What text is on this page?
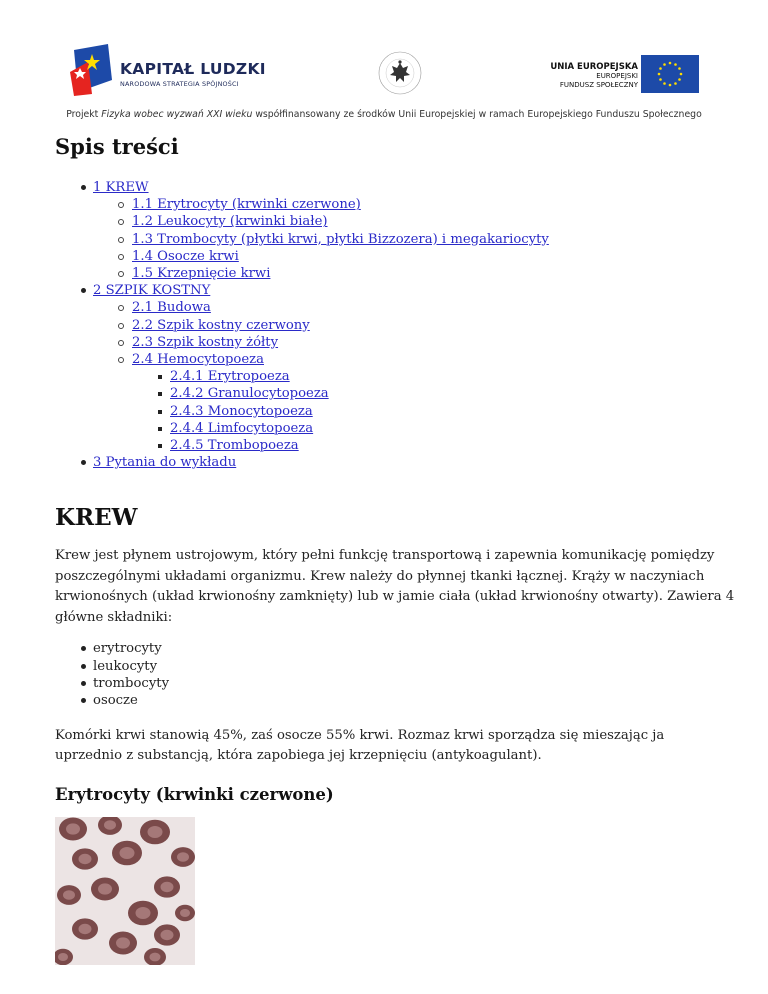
KAPITAŁ LUDZKI
NARODOWA STRATEGIA SPÓJNOŚCI
UNIA EUROPEJSKA
EUROPEJSKI
FUNDUSZ SPOŁECZNY
Projekt Fizyka wobec wyzwań XXI wieku współfinansowany ze środków Unii Europejskiej w ramach Europejskiego Funduszu Społecznego
Spis treści
1 KREW
1.1 Erytrocyty (krwinki czerwone)
1.2 Leukocyty (krwinki białe)
1.3 Trombocyty (płytki krwi, płytki Bizzozera) i megakariocyty
1.4 Osocze krwi
1.5 Krzepnięcie krwi
2 SZPIK KOSTNY
2.1 Budowa
2.2 Szpik kostny czerwony
2.3 Szpik kostny żółty
2.4 Hemocytopoeza
2.4.1 Erytropoeza
2.4.2 Granulocytopoeza
2.4.3 Monocytopoeza
2.4.4 Limfocytopoeza
2.4.5 Trombopoeza
3 Pytania do wykładu
KREW

Krew jest płynem ustrojowym, który pełni funkcję transportową i zapewnia komunikację pomiędzy poszczególnymi układami organizmu. Krew należy do płynnej tkanki łącznej. Krąży w naczyniach krwionośnych (układ krwionośny zamknięty) lub w jamie ciała (układ krwionośny otwarty). Zawiera 4 główne składniki:

erytrocyty
leukocyty
trombocyty
osocze

Komórki krwi stanowią 45%, zaś osocze 55% krwi. Rozmaz krwi sporządza się mieszając ja uprzednio z substancją, która zapobiega jej krzepnięciu (antykoagulant).

Erytrocyty (krwinki czerwone)
